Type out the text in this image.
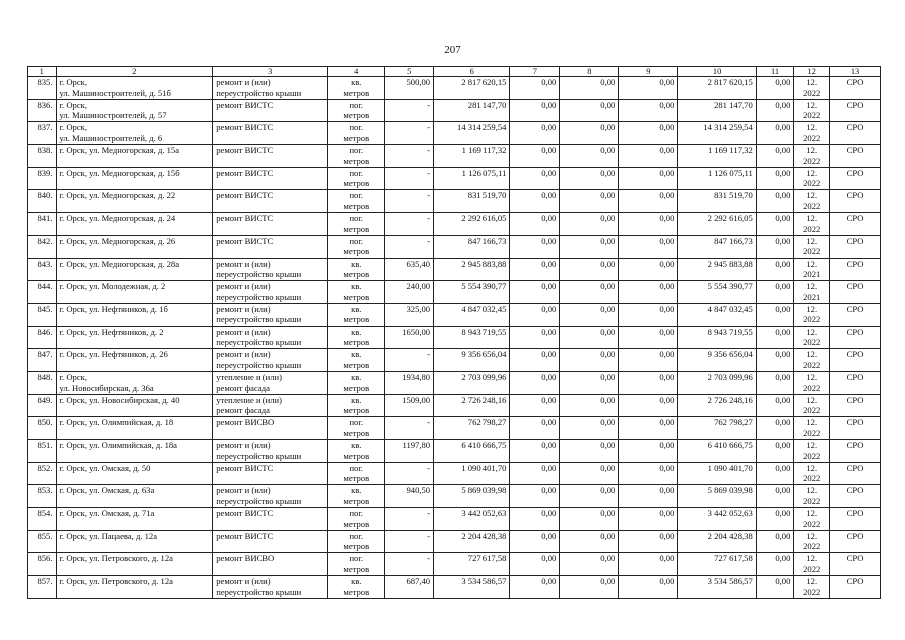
207
1	2	3	4	5	6	7	8	9	10	11	12	13
835.	г. Орск,
ул. Машиностроителей, д. 51б	ремонт и (или)
переустройство крыши	кв.
метров	500,00	2 817 620,15	0,00	0,00	0,00	2 817 620,15	0,00	12.
2022	СРО
836.	г. Орск,
ул. Машиностроителей, д. 57	ремонт ВИСТС	пог.
метров	-	281 147,70	0,00	0,00	0,00	281 147,70	0,00	12.
2022	СРО
837.	г. Орск,
ул. Машиностроителей, д. 6	ремонт ВИСТС	пог.
метров	-	14 314 259,54	0,00	0,00	0,00	14 314 259,54	0,00	12.
2022	СРО
838.	г. Орск, ул. Медногорская, д. 15а	ремонт ВИСТС	пог.
метров	-	1 169 117,32	0,00	0,00	0,00	1 169 117,32	0,00	12.
2022	СРО
839.	г. Орск, ул. Медногорская, д. 15б	ремонт ВИСТС	пог.
метров	-	1 126 075,11	0,00	0,00	0,00	1 126 075,11	0,00	12.
2022	СРО
840.	г. Орск, ул. Медногорская, д. 22	ремонт ВИСТС	пог.
метров	-	831 519,70	0,00	0,00	0,00	831 519,70	0,00	12.
2022	СРО
841.	г. Орск, ул. Медногорская, д. 24	ремонт ВИСТС	пог.
метров	-	2 292 616,05	0,00	0,00	0,00	2 292 616,05	0,00	12.
2022	СРО
842.	г. Орск, ул. Медногорская, д. 26	ремонт ВИСТС	пог.
метров	-	847 166,73	0,00	0,00	0,00	847 166,73	0,00	12.
2022	СРО
843.	г. Орск, ул. Медногорская, д. 28а	ремонт и (или)
переустройство крыши	кв.
метров	635,40	2 945 883,88	0,00	0,00	0,00	2 945 883,88	0,00	12.
2021	СРО
844.	г. Орск, ул. Молодежная, д. 2	ремонт и (или)
переустройство крыши	кв.
метров	240,00	5 554 390,77	0,00	0,00	0,00	5 554 390,77	0,00	12.
2021	СРО
845.	г. Орск, ул. Нефтяников, д. 1б	ремонт и (или)
переустройство крыши	кв.
метров	325,00	4 847 032,45	0,00	0,00	0,00	4 847 032,45	0,00	12.
2022	СРО
846.	г. Орск, ул. Нефтяников, д. 2	ремонт и (или)
переустройство крыши	кв.
метров	1650,00	8 943 719,55	0,00	0,00	0,00	8 943 719,55	0,00	12.
2022	СРО
847.	г. Орск, ул. Нефтяников, д. 26	ремонт и (или)
переустройство крыши	кв.
метров	-	9 356 656,04	0,00	0,00	0,00	9 356 656,04	0,00	12.
2022	СРО
848.	г. Орск,
ул. Новосибирская, д. 36а	утепление и (или)
ремонт фасада	кв.
метров	1934,80	2 703 099,96	0,00	0,00	0,00	2 703 099,96	0,00	12.
2022	СРО
849.	г. Орск, ул. Новосибирская, д. 40	утепление и (или)
ремонт фасада	кв.
метров	1509,00	2 726 248,16	0,00	0,00	0,00	2 726 248,16	0,00	12.
2022	СРО
850.	г. Орск, ул. Олимпийская, д. 18	ремонт ВИСВО	пог.
метров	-	762 798,27	0,00	0,00	0,00	762 798,27	0,00	12.
2022	СРО
851.	г. Орск, ул. Олимпийская, д. 18а	ремонт и (или)
переустройство крыши	кв.
метров	1197,80	6 410 666,75	0,00	0,00	0,00	6 410 666,75	0,00	12.
2022	СРО
852.	г. Орск, ул. Омская, д. 50	ремонт ВИСТС	пог.
метров	-	1 090 401,70	0,00	0,00	0,00	1 090 401,70	0,00	12.
2022	СРО
853.	г. Орск, ул. Омская, д. 63а	ремонт и (или)
переустройство крыши	кв.
метров	940,50	5 869 039,98	0,00	0,00	0,00	5 869 039,98	0,00	12.
2022	СРО
854.	г. Орск, ул. Омская, д. 71а	ремонт ВИСТС	пог.
метров	-	3 442 052,63	0,00	0,00	0,00	3 442 052,63	0,00	12.
2022	СРО
855.	г. Орск, ул. Пацаева, д. 12а	ремонт ВИСТС	пог.
метров	-	2 204 428,38	0,00	0,00	0,00	2 204 428,38	0,00	12.
2022	СРО
856.	г. Орск, ул. Петровского, д. 12а	ремонт ВИСВО	пог.
метров	-	727 617,58	0,00	0,00	0,00	727 617,58	0,00	12.
2022	СРО
857.	г. Орск, ул. Петровского, д. 12а	ремонт и (или)
переустройство крыши	кв.
метров	687,40	3 534 586,57	0,00	0,00	0,00	3 534 586,57	0,00	12.
2022	СРО
